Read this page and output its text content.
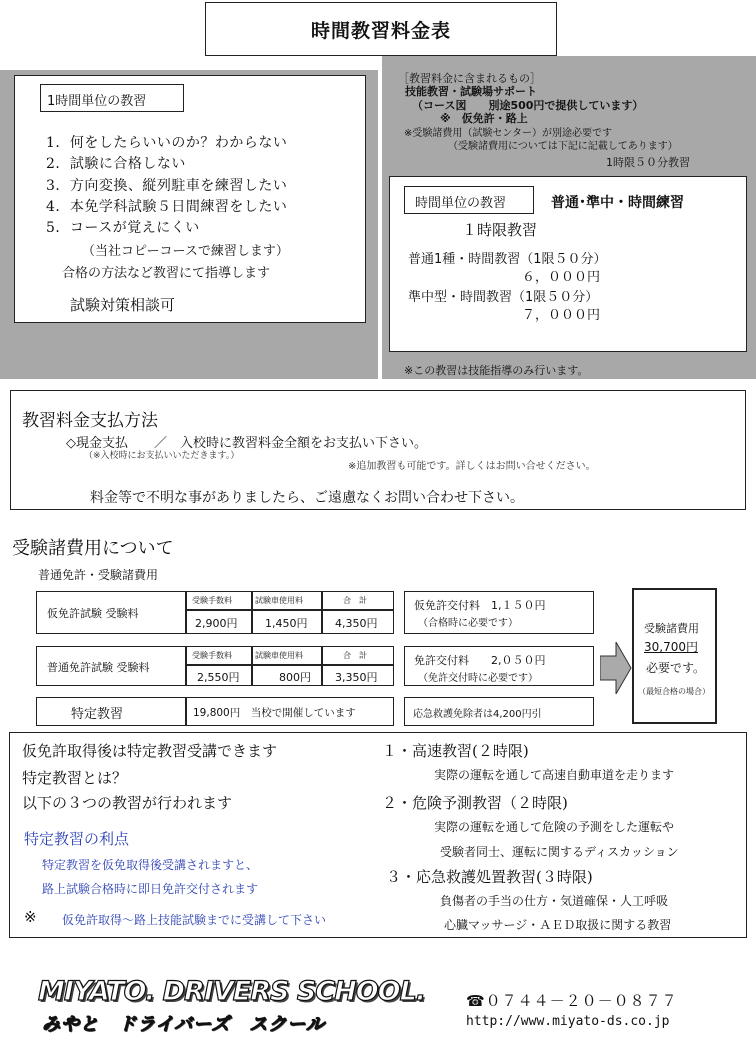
時間教習料金表
1時間単位の教習
1．何をしたらいいのか？わからない
2．試験に合格しない
3．方向変換、縦列駐車を練習したい
4．本免学科試験５日間練習をしたい
5．コースが覚えにくい
（当社コピーコースで練習します）
合格の方法など教習にて指導します
試験対策相談可
［教習料金に含まれるもの］
技能教習・試験場サポート
（コース図　　別途500円で提供しています）
※　仮免許・路上
※受験諸費用（試験センター）が別途必要です
（受験諸費用については下記に記載してあります）
1時限５０分教習
時間単位の教習	普通･準中・時間練習
１時限教習
普通1種・時間教習（1限５０分）
６，０００円
準中型・時間教習（1限５０分）
７，０００円
※この教習は技能指導のみ行います。
教習料金支払方法
◇現金支払　　／　入校時に教習料金全額をお支払い下さい。
（※入校時にお支払いいただきます。）
※追加教習も可能です。詳しくはお問い合せください。
料金等で不明な事がありましたら、ご遠慮なくお問い合わせ下さい。
受験諸費用について
普通免許・受験諸費用
仮免許試験 受験料
受験手数料	試験車使用料	合　計
2,900円	1,450円	4,350円
仮免許交付料　1,１５０円
（合格時に必要です）
普通免許試験 受験料
受験手数料	試験車使用料	合　計
2,550円	800円	3,350円
免許交付料　　2,０５０円
（免許交付時に必要です）
特定教習	19,800円　当校で開催しています	応急救護免除者は4,200円引
受験諸費用
30,700円
必要です。
（最短合格の場合）
仮免許取得後は特定教習受講できます
特定教習とは？
以下の３つの教習が行われます
特定教習の利点
特定教習を仮免取得後受講されますと、
路上試験合格時に即日免許交付されます
※ 仮免許取得～路上技能試験までに受講して下さい
１・高速教習(２時限)
実際の運転を通して高速自動車道を走ります
２・危険予測教習（２時限)
実際の運転を通して危険の予測をした運転や
受験者同士、運転に関するディスカッション
３・応急救護処置教習(３時限)
負傷者の手当の仕方・気道確保・人工呼吸
心臓マッサージ・ＡＥＤ取扱に関する教習
MIYATO. DRIVERS SCHOOL.
みやと　ドライバーズ　スクール
☎０７４４－２０－０８７７
http://www.miyato-ds.co.jp
